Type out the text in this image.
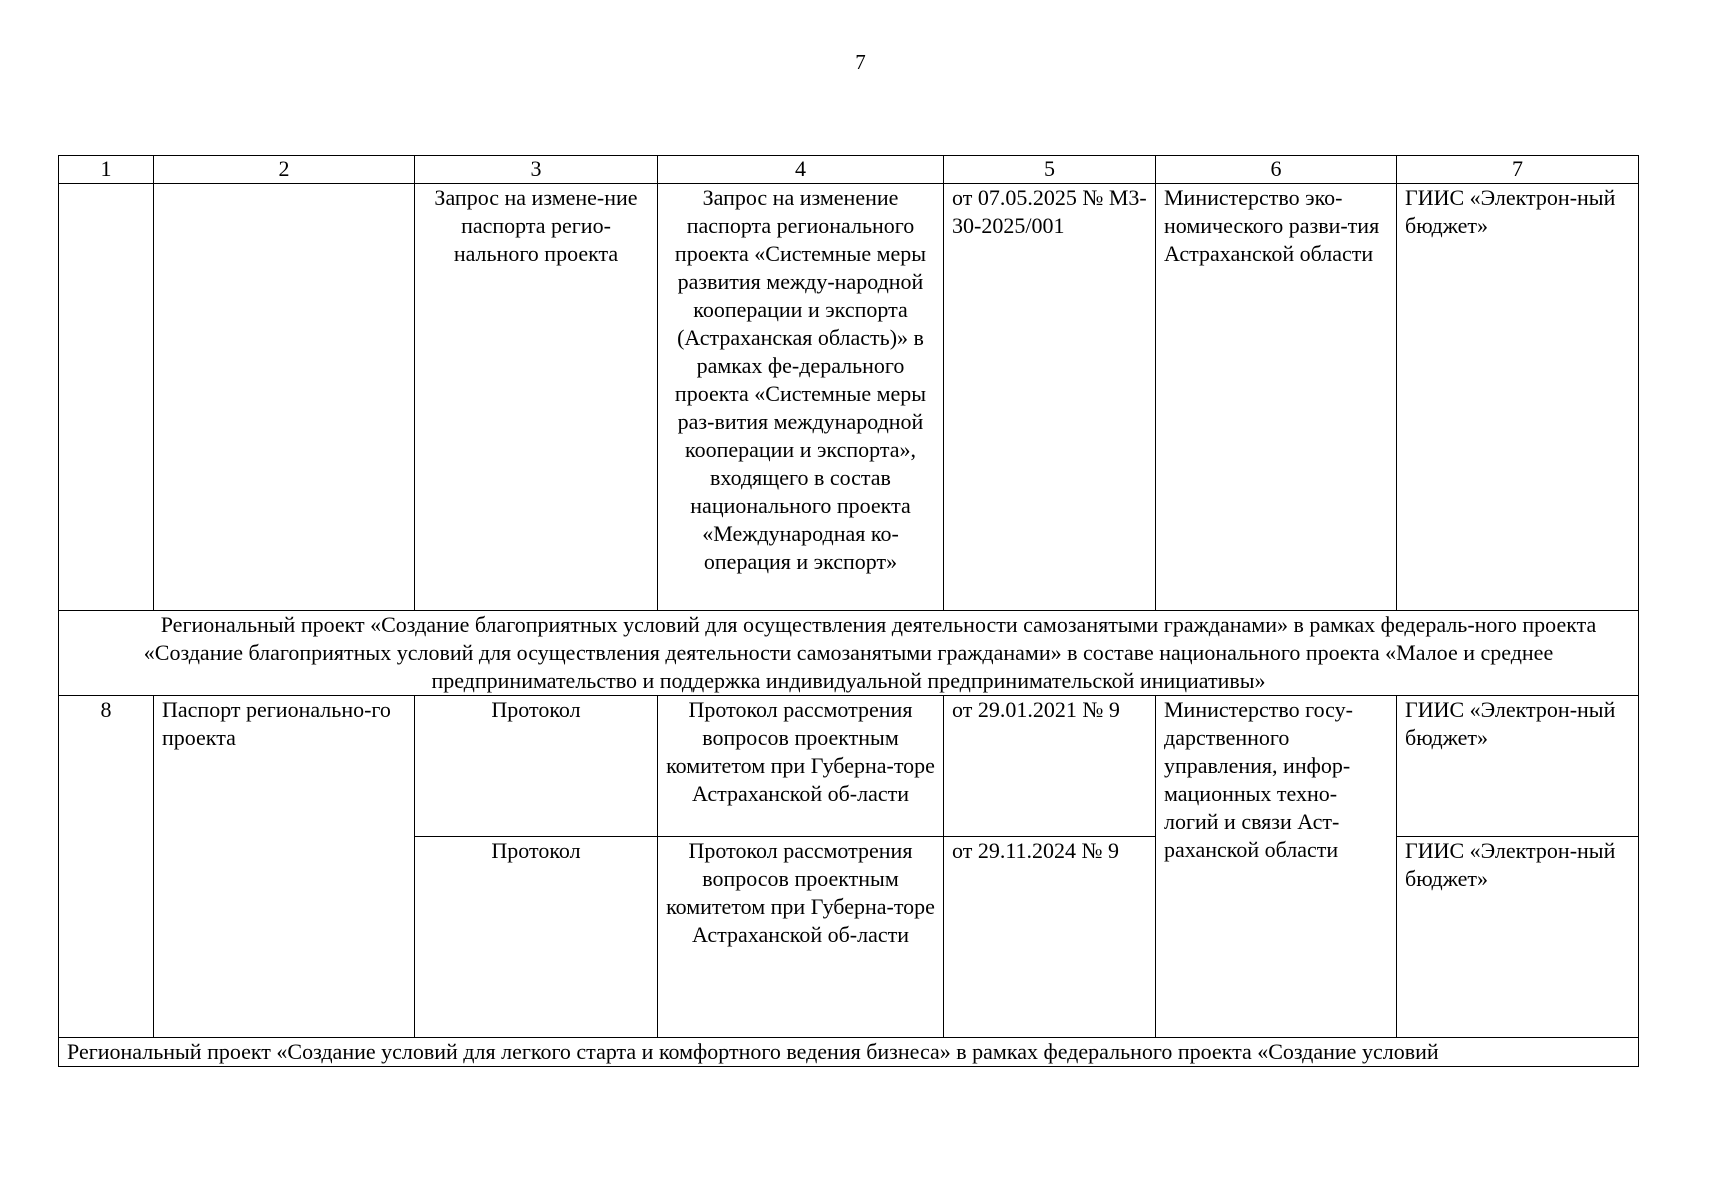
7
1	2	3	4	5	6	7
		Запрос на измене-ние паспорта регио-нального проекта	Запрос на изменение паспорта регионального проекта «Системные меры развития между-народной кооперации и экспорта (Астраханская область)» в рамках фе-дерального проекта «Системные меры раз-вития международной кооперации и экспорта», входящего в состав национального проекта «Международная ко-операция и экспорт»	от 07.05.2025 № М3-30-2025/001	Министерство эко-номического разви-тия Астраханской области	ГИИС «Электрон-ный бюджет»
Региональный проект «Создание благоприятных условий для осуществления деятельности самозанятыми гражданами» в рамках федераль-ного проекта «Создание благоприятных условий для осуществления деятельности самозанятыми гражданами» в составе национального проекта «Малое и среднее предпринимательство и поддержка индивидуальной предпринимательской инициативы»						
8	Паспорт регионально-го проекта	Протокол	Протокол рассмотрения вопросов проектным комитетом при Губерна-торе Астраханской об-ласти	от 29.01.2021 № 9	Министерство госу-дарственного управления, инфор-мационных техно-логий и связи Аст-раханской области	ГИИС «Электрон-ный бюджет»
		Протокол	Протокол рассмотрения вопросов проектным комитетом при Губерна-торе Астраханской об-ласти	от 29.11.2024 № 9		ГИИС «Электрон-ный бюджет»
Региональный проект «Создание условий для легкого старта и комфортного ведения бизнеса» в рамках федерального проекта «Создание условий						
